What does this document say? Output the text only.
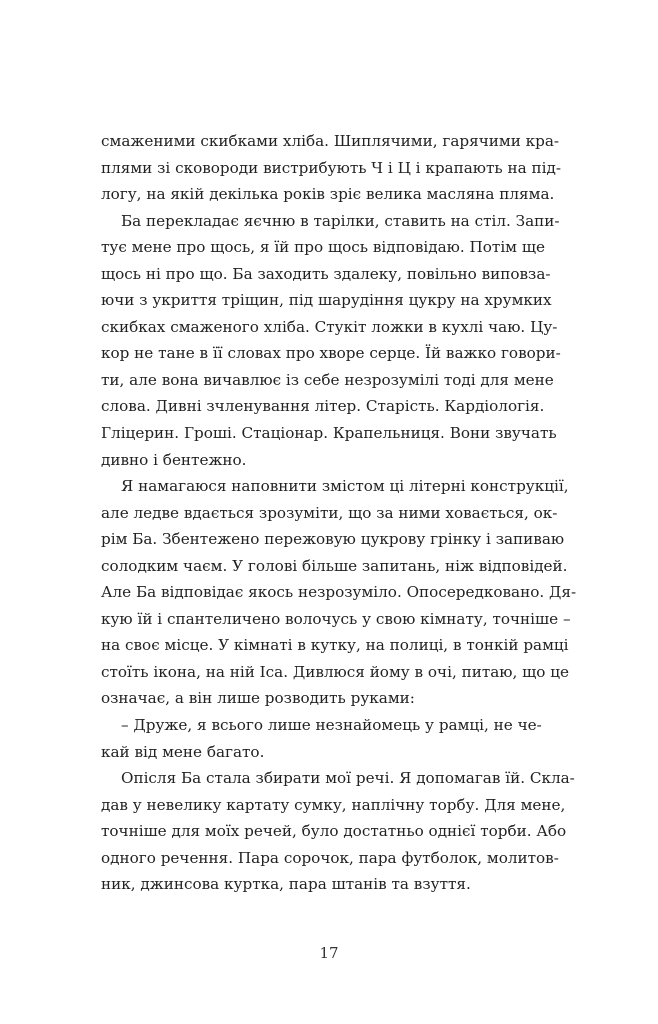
смаженими скибками хліба. Шиплячими, гарячими кра-
плями зі сковороди вистрибують Ч і Ц і крапають на під-
логу, на якій декілька років зріє велика масляна пляма.
Ба перекладає яєчню в тарілки, ставить на стіл. Запи-
тує мене про щось, я їй про щось відповідаю. Потім ще
щось ні про що. Ба заходить здалеку, повільно виповза-
ючи з укриття тріщин, під шарудіння цукру на хрумких
скибках смаженого хліба. Стукіт ложки в кухлі чаю. Цу-
кор не тане в її словах про хворе серце. Їй важко говори-
ти, але вона вичавлює із себе незрозумілі тоді для мене
слова. Дивні зчленування літер. Старість. Кардіологія.
Гліцерин. Гроші. Стаціонар. Крапельниця. Вони звучать
дивно і бентежно.
Я намагаюся наповнити змістом ці літерні конструкції,
але ледве вдається зрозуміти, що за ними ховається, ок-
рім Ба. Збентежено пережовую цукрову грінку і запиваю
солодким чаєм. У голові більше запитань, ніж відповідей.
Але Ба відповідає якось незрозуміло. Опосередковано. Дя-
кую їй і спантеличено волочусь у свою кімнату, точніше –
на своє місце. У кімнаті в кутку, на полиці, в тонкій рамці
стоїть ікона, на ній Іса. Дивлюся йому в очі, питаю, що це
означає, а він лише розводить руками:
– Друже, я всього лише незнайомець у рамці, не че-
кай від мене багато.
Опісля Ба стала збирати мої речі. Я допомагав їй. Скла-
дав у невелику картату сумку, наплічну торбу. Для мене,
точніше для моїх речей, було достатньо однієї торби. Або
одного речення. Пара сорочок, пара футболок, молитов-
ник, джинсова куртка, пара штанів та взуття.
17
